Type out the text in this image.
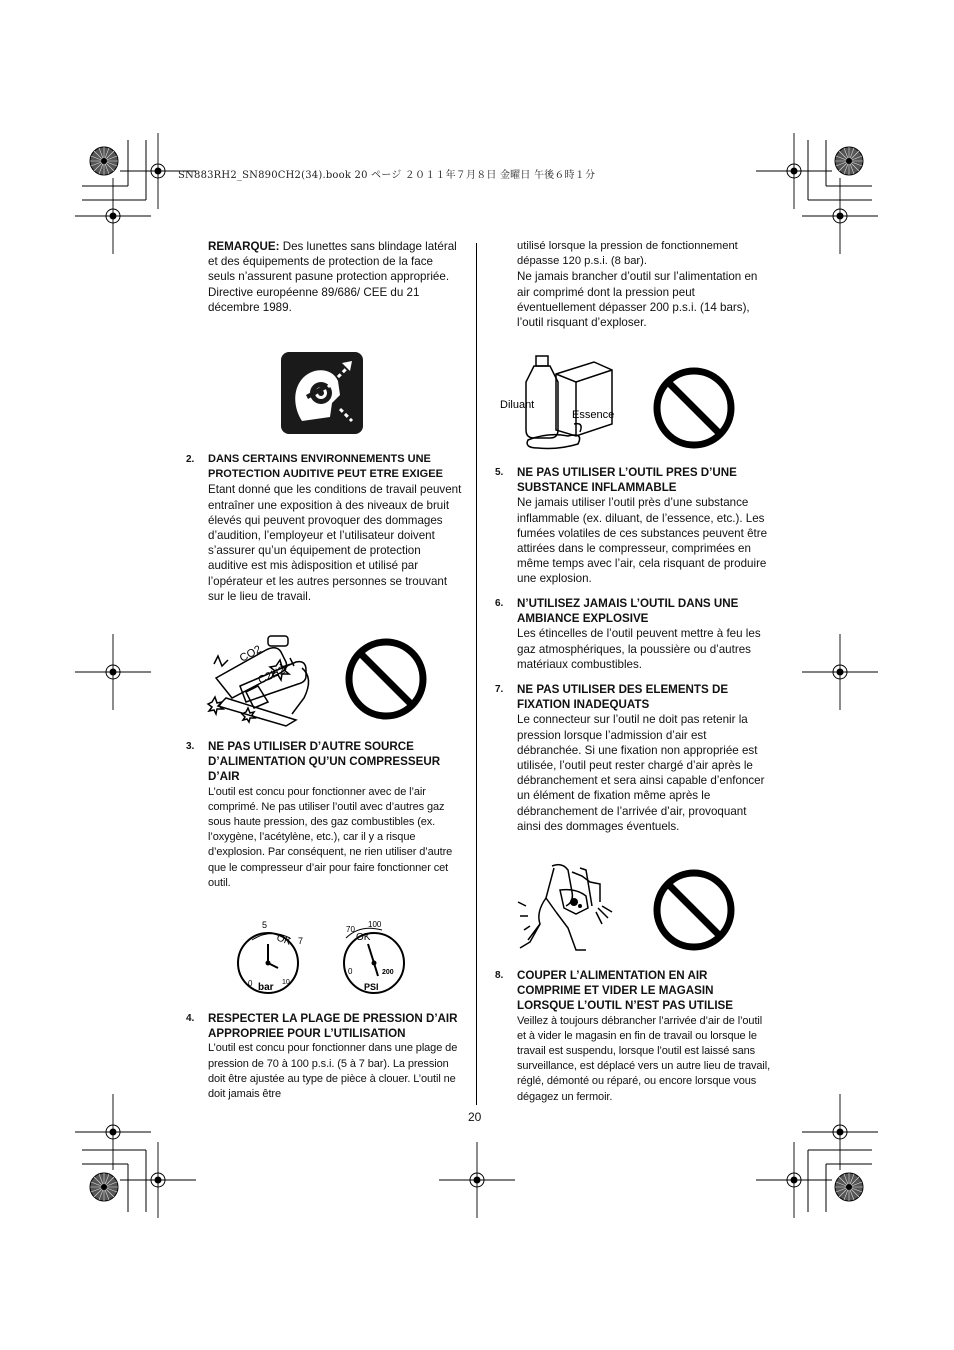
SN883RH2_SN890CH2(34).book 20 ページ ２０１１年７月８日 金曜日 午後６時１分

REMARQUE: Des lunettes sans blindage latéral et des équipements de protection de la face seuls n’assurent pasune protection appropriée. Directive européenne 89/686/ CEE du 21 décembre 1989.

2. DANS CERTAINS ENVIRONNEMENTS UNE PROTECTION AUDITIVE PEUT ETRE EXIGEE
Etant donné que les conditions de travail peuvent entraîner une exposition à des niveaux de bruit élevés qui peuvent provoquer des dommages d’audition, l’employeur et l’utilisateur doivent s’assurer qu’un équipement de protection auditive est mis àdisposition et utilisé par l’opérateur et les autres personnes se trouvant sur le lieu de travail.
CO2
C2H2
3. NE PAS UTILISER D’AUTRE SOURCE D’ALIMENTATION QU’UN COMPRESSEUR D’AIR
L’outil est concu pour fonctionner avec de l’air comprimé. Ne pas utiliser l’outil avec d’autres gaz sous haute pression, des gaz combustibles (ex. l’oxygène, l’acétylène, etc.), car il y a risque d’explosion. Par conséquent, ne rien utiliser d’autre que le compresseur d’air pour faire fonctionner cet outil.
5
OK 7
0 bar 10
70
100
OK
0	200
PSI
4. RESPECTER LA PLAGE DE PRESSION D’AIR APPROPRIEE POUR L’UTILISATION
L’outil est concu pour fonctionner dans une plage de pression de 70 à 100 p.s.i. (5 à 7 bar). La pression doit être ajustée au type de pièce à clouer. L’outil ne doit jamais être

utilisé lorsque la pression de fonctionnement dépasse 120 p.s.i. (8 bar).

Ne jamais brancher d’outil sur l’alimentation en air comprimé dont la pression peut éventuellement dépasser 200 p.s.i. (14 bars), l’outil risquant d’exploser.

Diluant
Essence
5. NE PAS UTILISER L’OUTIL PRES D’UNE SUBSTANCE INFLAMMABLE
Ne jamais utiliser l’outil près d’une substance inflammable (ex. diluant, de l’essence, etc.). Les fumées volatiles de ces substances peuvent être attirées dans le compresseur, comprimées en même temps avec l’air, cela risquant de produire une explosion.
6. N’UTILISEZ JAMAIS L’OUTIL DANS UNE AMBIANCE EXPLOSIVE
Les étincelles de l’outil peuvent mettre à feu les gaz atmosphériques, la poussière ou d’autres matériaux combustibles.
7. NE PAS UTILISER DES ELEMENTS DE FIXATION INADEQUATS
Le connecteur sur l’outil ne doit pas retenir la pression lorsque l’admission d’air est débranchée. Si une fixation non appropriée est utilisée, l’outil peut rester chargé d’air après le débranchement et sera ainsi capable d’enfoncer un élément de fixation même après le débranchement de l’arrivée d’air, provoquant ainsi des dommages éventuels.
8. COUPER L’ALIMENTATION EN AIR COMPRIME ET VIDER LE MAGASIN LORSQUE L’OUTIL N’EST PAS UTILISE
Veillez à toujours débrancher l’arrivée d’air de l’outil et à vider le magasin en fin de travail ou lorsque le travail est suspendu, lorsque l’outil est laissé sans surveillance, est déplacé vers un autre lieu de travail, réglé, démonté ou réparé, ou encore lorsque vous dégagez un fermoir.
20
